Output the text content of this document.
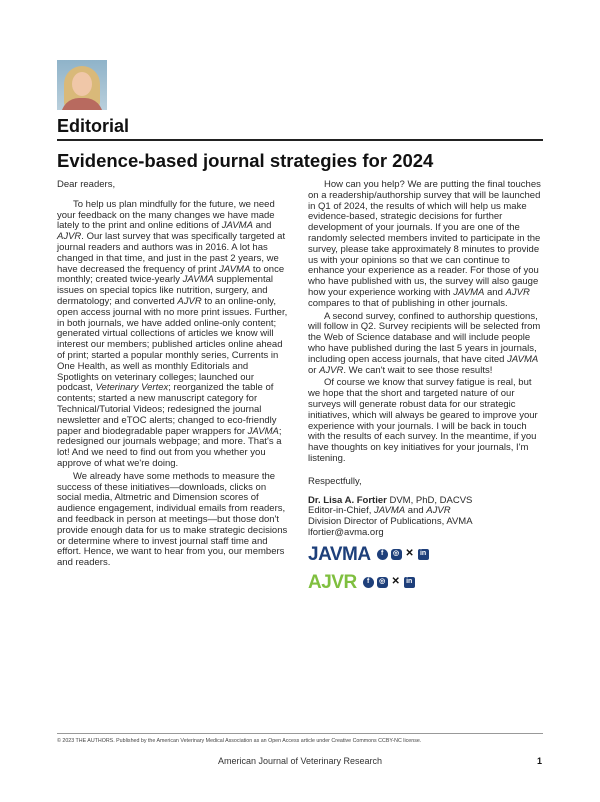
Editorial
Evidence-based journal strategies for 2024

Dear readers,

To help us plan mindfully for the future, we need your feedback on the many changes we have made lately to the print and online editions of JAVMA and AJVR. Our last survey that was specifically targeted at journal readers and authors was in 2016. A lot has changed in that time, and just in the past 2 years, we have decreased the frequency of print JAVMA to once monthly; created twice-yearly JAVMA supplemental issues on special topics like nutrition, surgery, and dermatology; and converted AJVR to an online-only, open access journal with no more print issues. Further, in both journals, we have added online-only content; generated virtual collections of articles we know will interest our members; published articles online ahead of print; started a popular monthly series, Currents in One Health, as well as monthly Editorials and Spotlights on veterinary colleges; launched our podcast, Veterinary Vertex; reorganized the table of contents; started a new manuscript category for Technical/Tutorial Videos; redesigned the journal newsletter and eTOC alerts; changed to eco-friendly paper and biodegradable paper wrappers for JAVMA; redesigned our journals webpage; and more. That's a lot! And we need to find out from you whether you approve of what we're doing.

We already have some methods to measure the success of these initiatives—downloads, clicks on social media, Altmetric and Dimension scores of audience engagement, individual emails from readers, and feedback in person at meetings—but those don't provide enough data for us to make strategic decisions or determine where to invest journal staff time and effort. Hence, we want to hear from you, our members and readers.

How can you help? We are putting the final touches on a readership/authorship survey that will be launched in Q1 of 2024, the results of which will help us make evidence-based, strategic decisions for further development of your journals. If you are one of the randomly selected members invited to participate in the survey, please take approximately 8 minutes to provide us with your opinions so that we can continue to enhance your experience as a reader. For those of you who have published with us, the survey will also gauge how your experience working with JAVMA and AJVR compares to that of publishing in other journals.

A second survey, confined to authorship questions, will follow in Q2. Survey recipients will be selected from the Web of Science database and will include people who have published during the last 5 years in journals, including open access journals, that have cited JAVMA or AJVR. We can't wait to see those results!

Of course we know that survey fatigue is real, but we hope that the short and targeted nature of our surveys will generate robust data for our strategic initiatives, which will always be geared to improve your experience with your journals. I will be back in touch with the results of each survey. In the meantime, if you have thoughts on key initiatives for your journals, I'm listening.

Respectfully,

Dr. Lisa A. Fortier DVM, PhD, DACVS
Editor-in-Chief, JAVMA and AJVR
Division Director of Publications, AVMA
lfortier@avma.org
JAVMA	f	◎ ✕ in
AJVR	f	◎ ✕ in
© 2023 THE AUTHORS. Published by the American Veterinary Medical Association as an Open Access article under Creative Commons CCBY-NC license.
American Journal of Veterinary Research	1
